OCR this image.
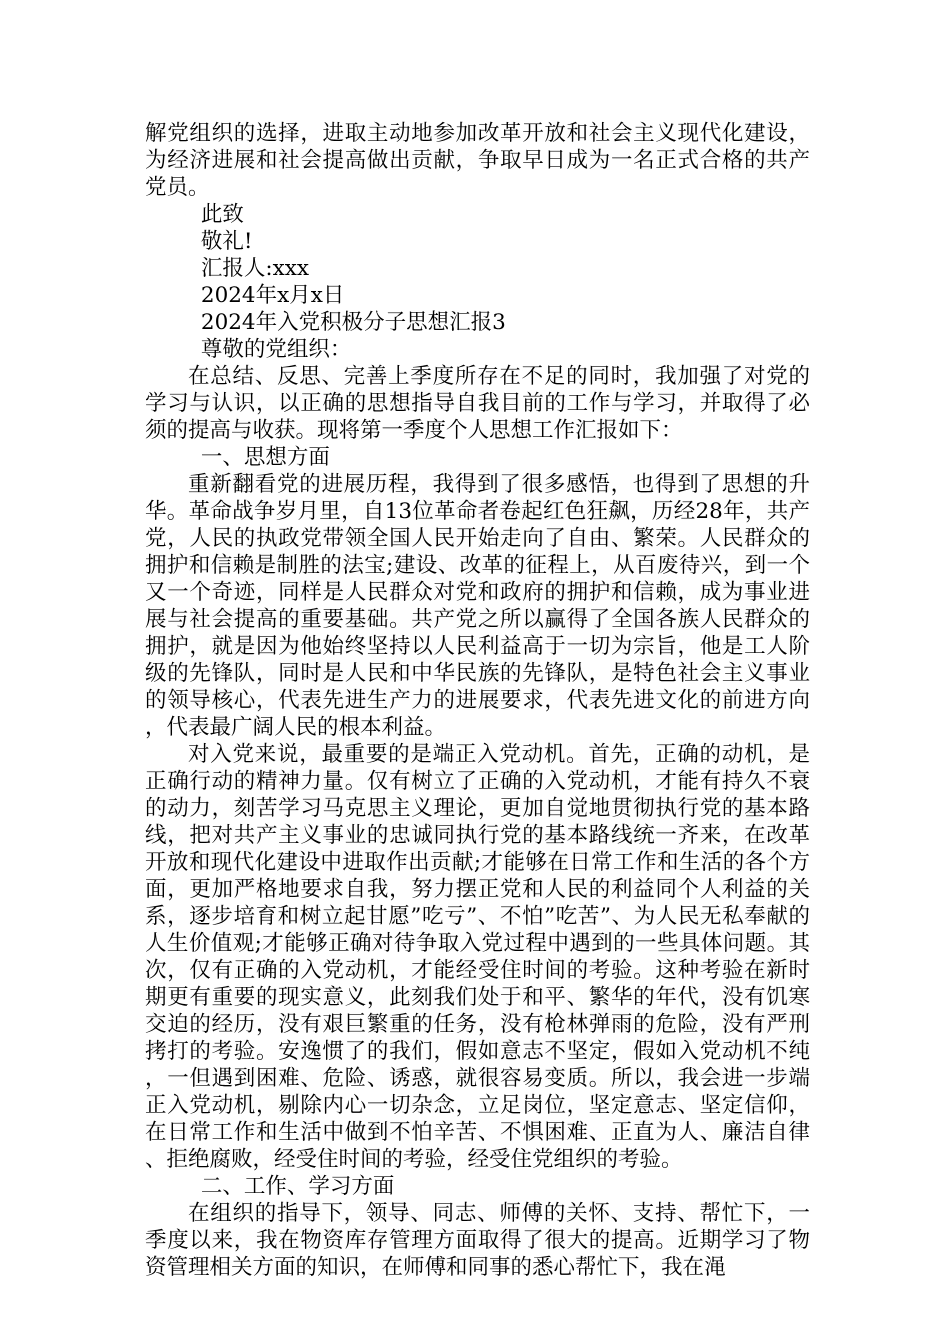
解党组织的选择，进取主动地参加改革开放和社会主义现代化建设，为经济进展和社会提高做出贡献，争取早日成为一名正式合格的共产党员。

此致

敬礼!

汇报人:xxx

2024年x月x日

2024年入党积极分子思想汇报3

尊敬的党组织：

在总结、反思、完善上季度所存在不足的同时，我加强了对党的学习与认识，以正确的思想指导自我目前的工作与学习，并取得了必须的提高与收获。现将第一季度个人思想工作汇报如下：

一、思想方面

重新翻看党的进展历程，我得到了很多感悟，也得到了思想的升华。革命战争岁月里，自13位革命者卷起红色狂飙，历经28年，共产党，人民的执政党带领全国人民开始走向了自由、繁荣。人民群众的拥护和信赖是制胜的法宝;建设、改革的征程上，从百废待兴，到一个又一个奇迹，同样是人民群众对党和政府的拥护和信赖，成为事业进展与社会提高的重要基础。共产党之所以赢得了全国各族人民群众的拥护，就是因为他始终坚持以人民利益高于一切为宗旨，他是工人阶级的先锋队，同时是人民和中华民族的先锋队，是特色社会主义事业的领导核心，代表先进生产力的进展要求，代表先进文化的前进方向，代表最广阔人民的根本利益。

对入党来说，最重要的是端正入党动机。首先，正确的动机，是正确行动的精神力量。仅有树立了正确的入党动机，才能有持久不衰的动力，刻苦学习马克思主义理论，更加自觉地贯彻执行党的基本路线，把对共产主义事业的忠诚同执行党的基本路线统一齐来，在改革开放和现代化建设中进取作出贡献;才能够在日常工作和生活的各个方面，更加严格地要求自我，努力摆正党和人民的利益同个人利益的关系，逐步培育和树立起甘愿”吃亏”、不怕”吃苦”、为人民无私奉献的人生价值观;才能够正确对待争取入党过程中遇到的一些具体问题。其次，仅有正确的入党动机，才能经受住时间的考验。这种考验在新时期更有重要的现实意义，此刻我们处于和平、繁华的年代，没有饥寒交迫的经历，没有艰巨繁重的任务，没有枪林弹雨的危险，没有严刑拷打的考验。安逸惯了的我们，假如意志不坚定，假如入党动机不纯，一但遇到困难、危险、诱惑，就很容易变质。所以，我会进一步端正入党动机，剔除内心一切杂念，立足岗位，坚定意志、坚定信仰，在日常工作和生活中做到不怕辛苦、不惧困难、正直为人、廉洁自律、拒绝腐败，经受住时间的考验，经受住党组织的考验。

二、工作、学习方面

在组织的指导下，领导、同志、师傅的关怀、支持、帮忙下，一季度以来，我在物资库存管理方面取得了很大的提高。近期学习了物资管理相关方面的知识，在师傅和同事的悉心帮忙下，我在渑
